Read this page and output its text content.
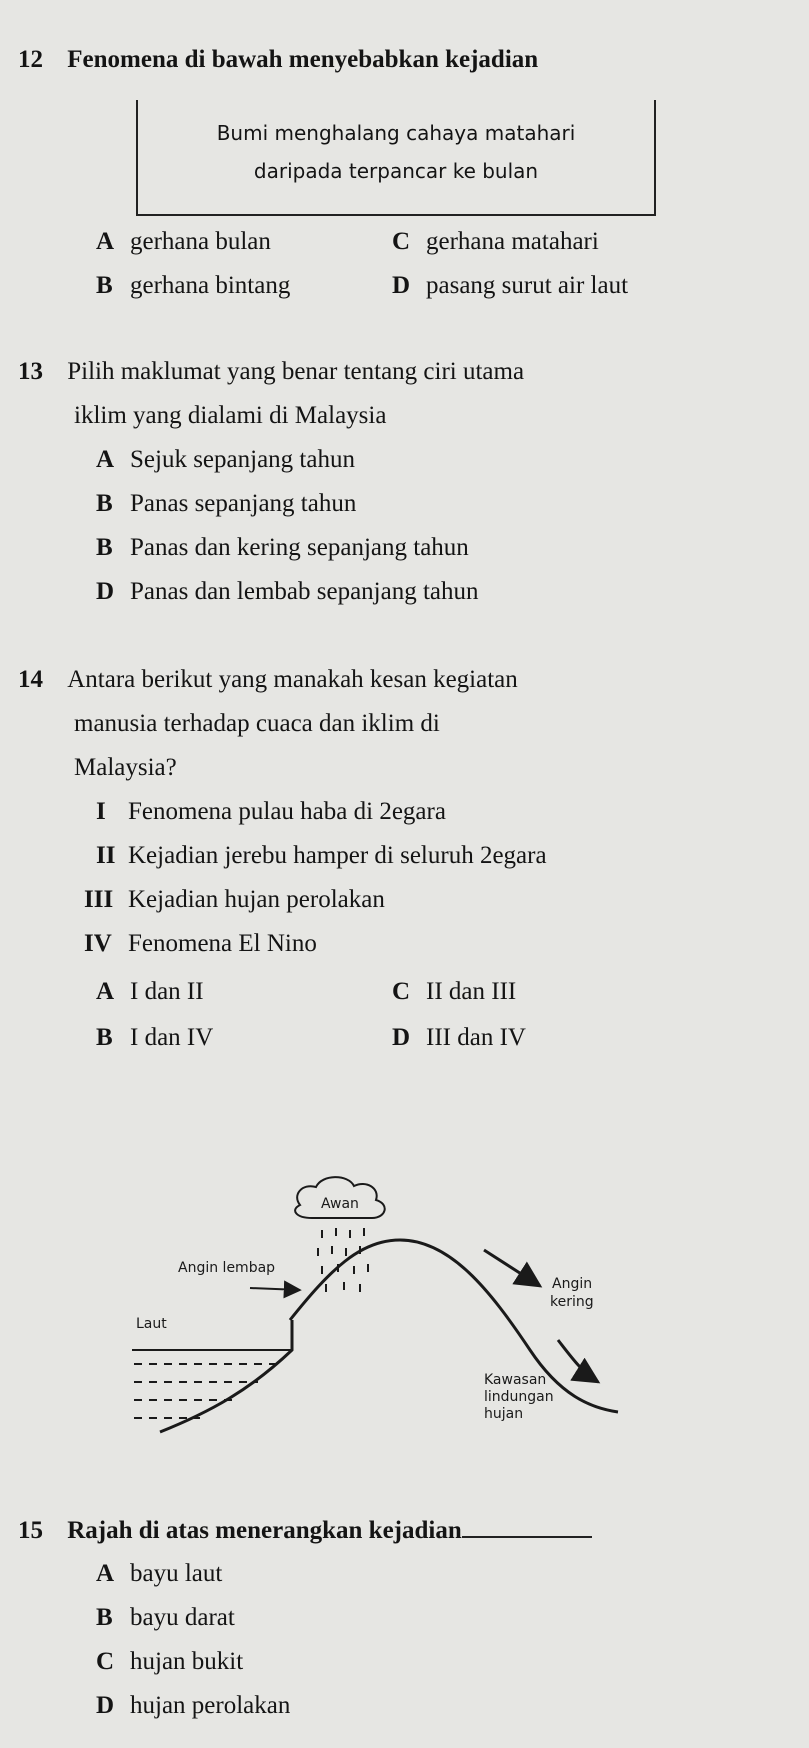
12 Fenomena di bawah menyebabkan kejadian
Bumi menghalang cahaya matahari
daripada terpancar ke bulan
A gerhana bulan	C gerhana matahari
B gerhana bintang	D pasang surut air laut
13 Pilih maklumat yang benar tentang ciri utama
iklim yang dialami di Malaysia
A Sejuk sepanjang tahun
B Panas sepanjang tahun
B Panas dan kering sepanjang tahun
D Panas dan lembab sepanjang tahun
14 Antara berikut yang manakah kesan kegiatan
manusia terhadap cuaca dan iklim di
Malaysia?
I Fenomena pulau haba di 2egara
II Kejadian jerebu hamper di seluruh 2egara
III Kejadian hujan perolakan
IV Fenomena El Nino
A I dan II	C II dan III
B I dan IV	D III dan IV
Awan
Angin lembap
Laut
Angin
kering
Kawasan
lindungan
hujan
15 Rajah di atas menerangkan kejadian
A bayu laut
B bayu darat
C hujan bukit
D hujan perolakan
